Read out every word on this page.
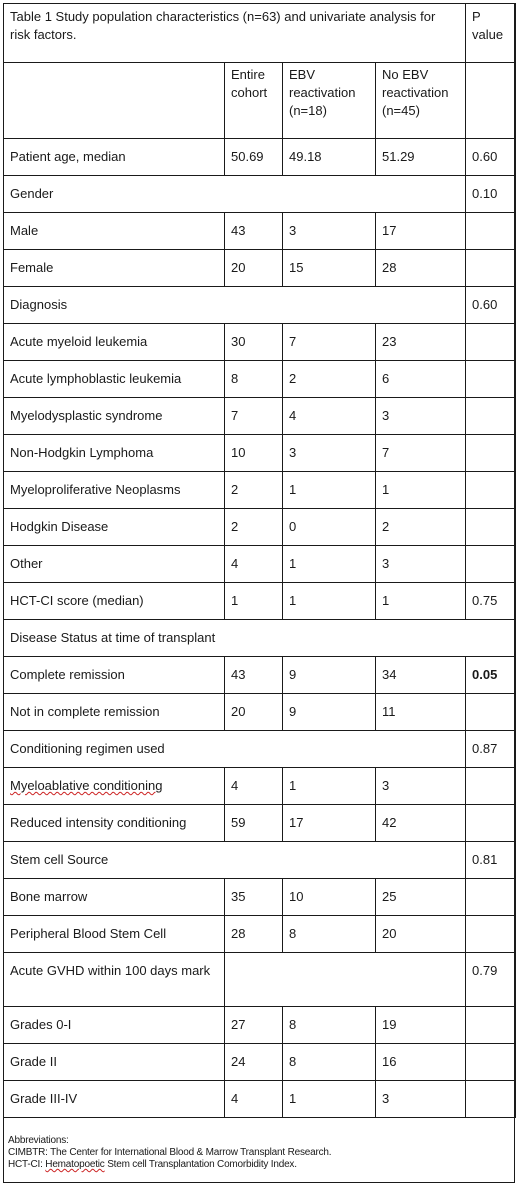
Table 1 Study population characteristics (n=63) and univariate analysis for risk factors.				P value
	Entire cohort	EBV reactivation (n=18)	No EBV reactivation (n=45)	
Patient age, median	50.69	49.18	51.29	0.60
Gender				0.10
Male	43	3	17	
Female	20	15	28	
Diagnosis				0.60
Acute myeloid leukemia	30	7	23	
Acute lymphoblastic leukemia	8	2	6	
Myelodysplastic syndrome	7	4	3	
Non-Hodgkin Lymphoma	10	3	7	
Myeloproliferative Neoplasms	2	1	1	
Hodgkin Disease	2	0	2	
Other	4	1	3	
HCT-CI score (median)	1	1	1	0.75
Disease Status at time of transplant				
Complete remission	43	9	34	0.05
Not in complete remission	20	9	11	
Conditioning regimen used				0.87
Myeloablative conditioning	4	1	3	
Reduced intensity conditioning	59	17	42	
Stem cell Source				0.81
Bone marrow	35	10	25	
Peripheral Blood Stem Cell	28	8	20	
Acute GVHD within 100 days mark				0.79
Grades 0-I	27	8	19	
Grade II	24	8	16	
Grade III-IV	4	1	3	
Abbreviations:
CIMBTR: The Center for International Blood & Marrow Transplant Research.
HCT-CI: Hematopoetic Stem cell Transplantation Comorbidity Index.
